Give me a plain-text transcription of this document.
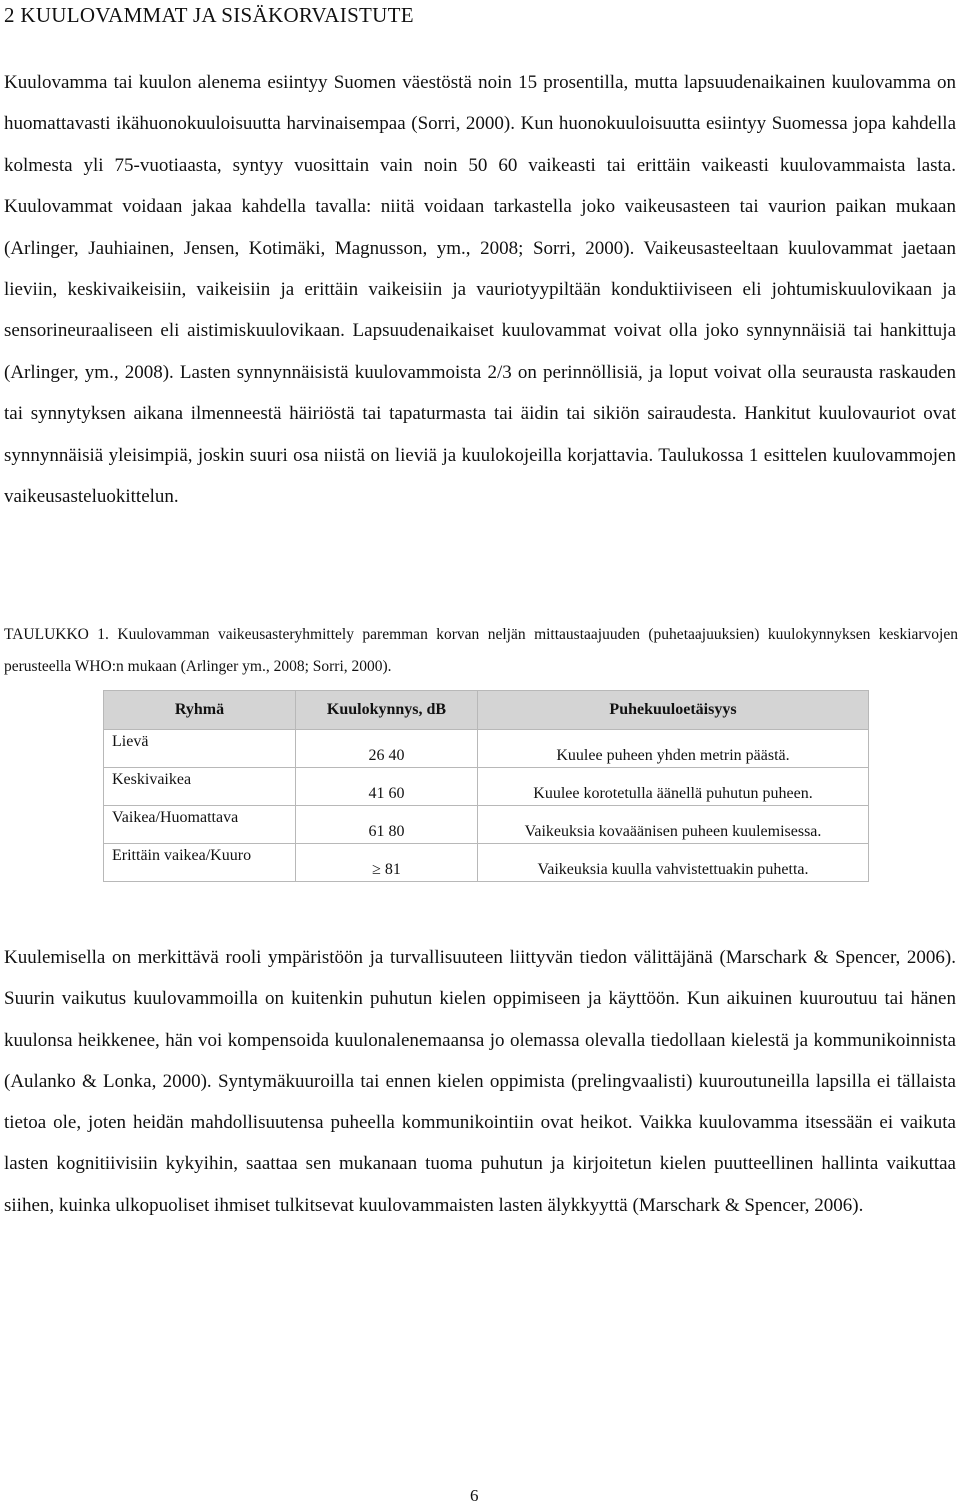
2 KUULOVAMMAT JA SISÄKORVAISTUTE

Kuulovamma tai kuulon alenema esiintyy Suomen väestöstä noin 15 prosentilla, mutta lapsuudenaikainen kuulovamma on huomattavasti ikähuonokuuloisuutta harvinaisempaa (Sorri, 2000). Kun huonokuuloisuutta esiintyy Suomessa jopa kahdella kolmesta yli 75-vuotiaasta, syntyy vuosittain vain noin 50 60 vaikeasti tai erittäin vaikeasti kuulovammaista lasta. Kuulovammat voidaan jakaa kahdella tavalla: niitä voidaan tarkastella joko vaikeusasteen tai vaurion paikan mukaan (Arlinger, Jauhiainen, Jensen, Kotimäki, Magnusson, ym., 2008; Sorri, 2000). Vaikeusasteeltaan kuulovammat jaetaan lieviin, keskivaikeisiin, vaikeisiin ja erittäin vaikeisiin ja vauriotyypiltään konduktiiviseen eli johtumiskuulovikaan ja sensorineuraaliseen eli aistimiskuulovikaan. Lapsuudenaikaiset kuulovammat voivat olla joko synnynnäisiä tai hankittuja (Arlinger, ym., 2008). Lasten synnynnäisistä kuulovammoista 2/3 on perinnöllisiä, ja loput voivat olla seurausta raskauden tai synnytyksen aikana ilmenneestä häiriöstä tai tapaturmasta tai äidin tai sikiön sairaudesta. Hankitut kuulovauriot ovat synnynnäisiä yleisimpiä, joskin suuri osa niistä on lieviä ja kuulokojeilla korjattavia. Taulukossa 1 esittelen kuulovammojen vaikeusasteluokittelun.

TAULUKKO 1. Kuulovamman vaikeusasteryhmittely paremman korvan neljän mittaustaajuuden (puhetaajuuksien) kuulokynnyksen keskiarvojen perusteella WHO:n mukaan (Arlinger ym., 2008; Sorri, 2000).

Ryhmä	Kuulokynnys, dB	Puhekuuloetäisyys
Lievä	26 40	Kuulee puheen yhden metrin päästä.
Keskivaikea	41 60	Kuulee korotetulla äänellä puhutun puheen.
Vaikea/Huomattava	61 80	Vaikeuksia kovaäänisen puheen kuulemisessa.
Erittäin vaikea/Kuuro	≥ 81	Vaikeuksia kuulla vahvistettuakin puhetta.

Kuulemisella on merkittävä rooli ympäristöön ja turvallisuuteen liittyvän tiedon välittäjänä (Marschark & Spencer, 2006). Suurin vaikutus kuulovammoilla on kuitenkin puhutun kielen oppimiseen ja käyttöön. Kun aikuinen kuuroutuu tai hänen kuulonsa heikkenee, hän voi kompensoida kuulonalenemaansa jo olemassa olevalla tiedollaan kielestä ja kommunikoinnista (Aulanko & Lonka, 2000). Syntymäkuuroilla tai ennen kielen oppimista (prelingvaalisti) kuuroutuneilla lapsilla ei tällaista tietoa ole, joten heidän mahdollisuutensa puheella kommunikointiin ovat heikot. Vaikka kuulovamma itsessään ei vaikuta lasten kognitiivisiin kykyihin, saattaa sen mukanaan tuoma puhutun ja kirjoitetun kielen puutteellinen hallinta vaikuttaa siihen, kuinka ulkopuoliset ihmiset tulkitsevat kuulovammaisten lasten älykkyyttä (Marschark & Spencer, 2006).

6
